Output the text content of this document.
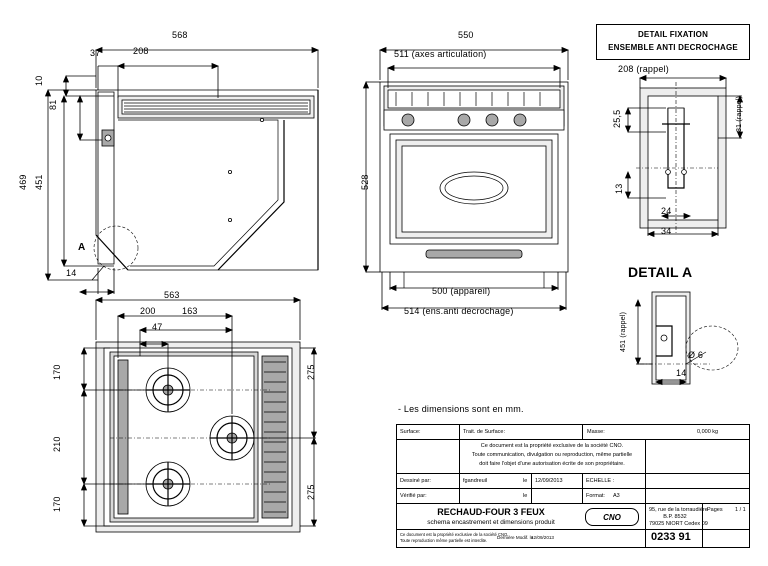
568
208
37
10
81
469 451
14
A
550
511 (axes articulation)
528
500 (appareil)
514 (ens.anti décrochage)
DETAIL FIXATION
ENSEMBLE ANTI DECROCHAGE
208 (rappel)
25,5	81 (rappel)
13
24
34
DETAIL A
451 (rappel)
14
Ø 6
563
200	163
47
170
210
170
275
275
- Les dimensions sont en mm.
Surface:	Trait. de Surface:	Masse:	0,000 kg
Ce document est la propriété exclusive de la société CNO.
Toute communication, divulgation ou reproduction, même partielle
doit faire l'objet d'une autorisation écrite de son propriétaire.
Dessiné par:	fgandreuil	le 12/09/2013	ECHELLE :
Vérifié par:	le	Format: A3
CNO
95, rue de la torraudière
B.P. 8532
79025 NIORT Cedex 09
RECHAUD-FOUR 3 FEUX
schema encastrement et dimensions produit
Pages 1 / 1
0233 91
Ce document est la propriété exclusive de la société CNO.
Toute reproduction même partielle est interdite.
Dernière Modif. le
12/09/2013
